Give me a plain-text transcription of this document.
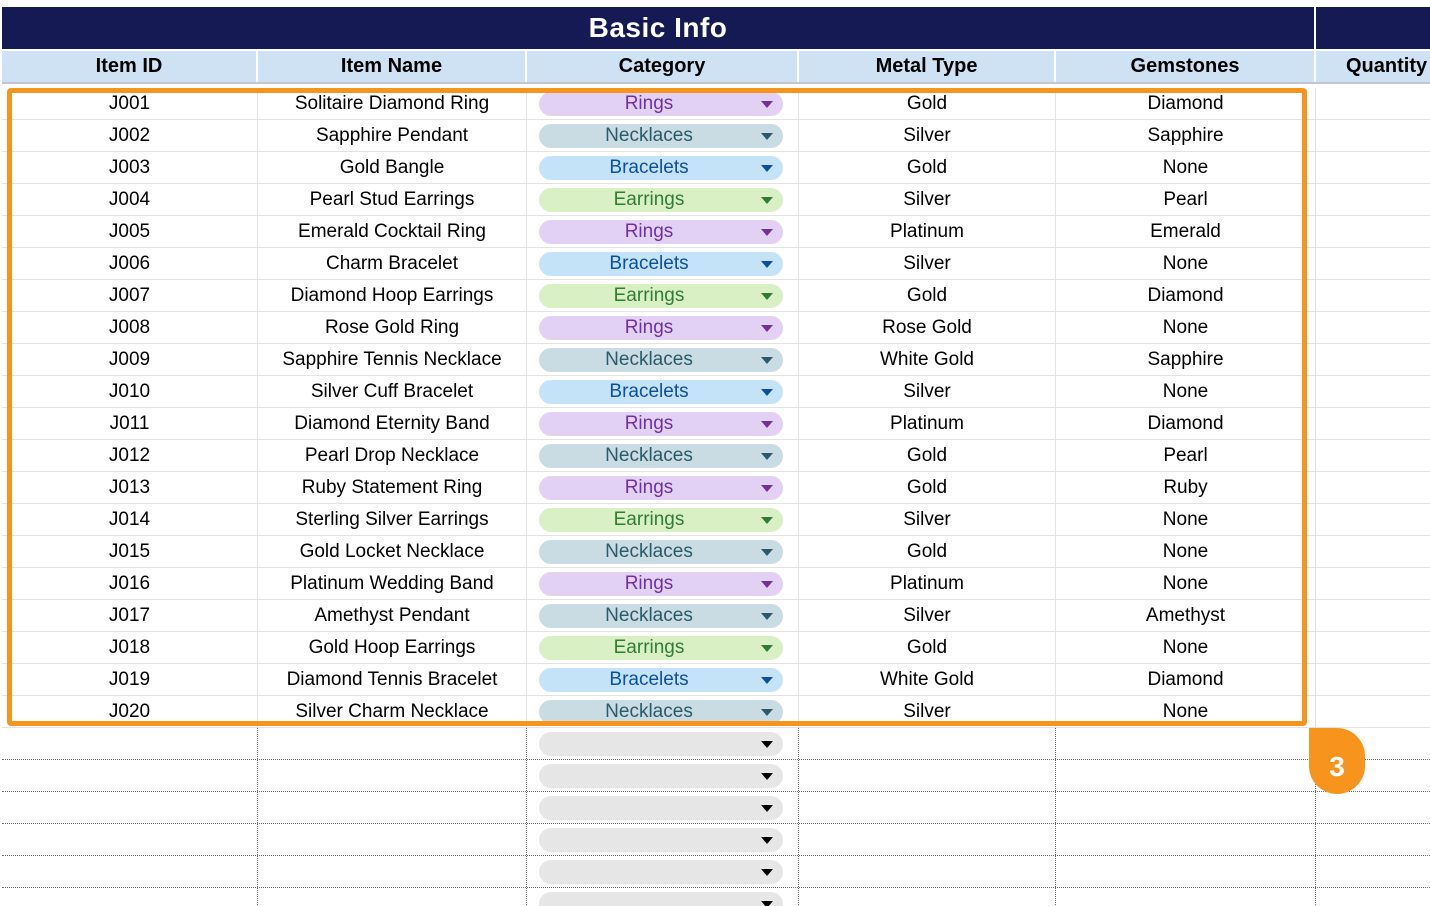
Basic Info
Item ID	Item Name	Category	Metal Type	Gemstones	Quantity
J001	Solitaire Diamond Ring	Rings	Gold	Diamond
J002	Sapphire Pendant	Necklaces	Silver	Sapphire
J003	Gold Bangle	Bracelets	Gold	None
J004	Pearl Stud Earrings	Earrings	Silver	Pearl
J005	Emerald Cocktail Ring	Rings	Platinum	Emerald
J006	Charm Bracelet	Bracelets	Silver	None
J007	Diamond Hoop Earrings	Earrings	Gold	Diamond
J008	Rose Gold Ring	Rings	Rose Gold	None
J009	Sapphire Tennis Necklace	Necklaces	White Gold	Sapphire
J010	Silver Cuff Bracelet	Bracelets	Silver	None
J011	Diamond Eternity Band	Rings	Platinum	Diamond
J012	Pearl Drop Necklace	Necklaces	Gold	Pearl
J013	Ruby Statement Ring	Rings	Gold	Ruby
J014	Sterling Silver Earrings	Earrings	Silver	None
J015	Gold Locket Necklace	Necklaces	Gold	None
J016	Platinum Wedding Band	Rings	Platinum	None
J017	Amethyst Pendant	Necklaces	Silver	Amethyst
J018	Gold Hoop Earrings	Earrings	Gold	None
J019	Diamond Tennis Bracelet	Bracelets	White Gold	Diamond
J020	Silver Charm Necklace	Necklaces	Silver	None
3
